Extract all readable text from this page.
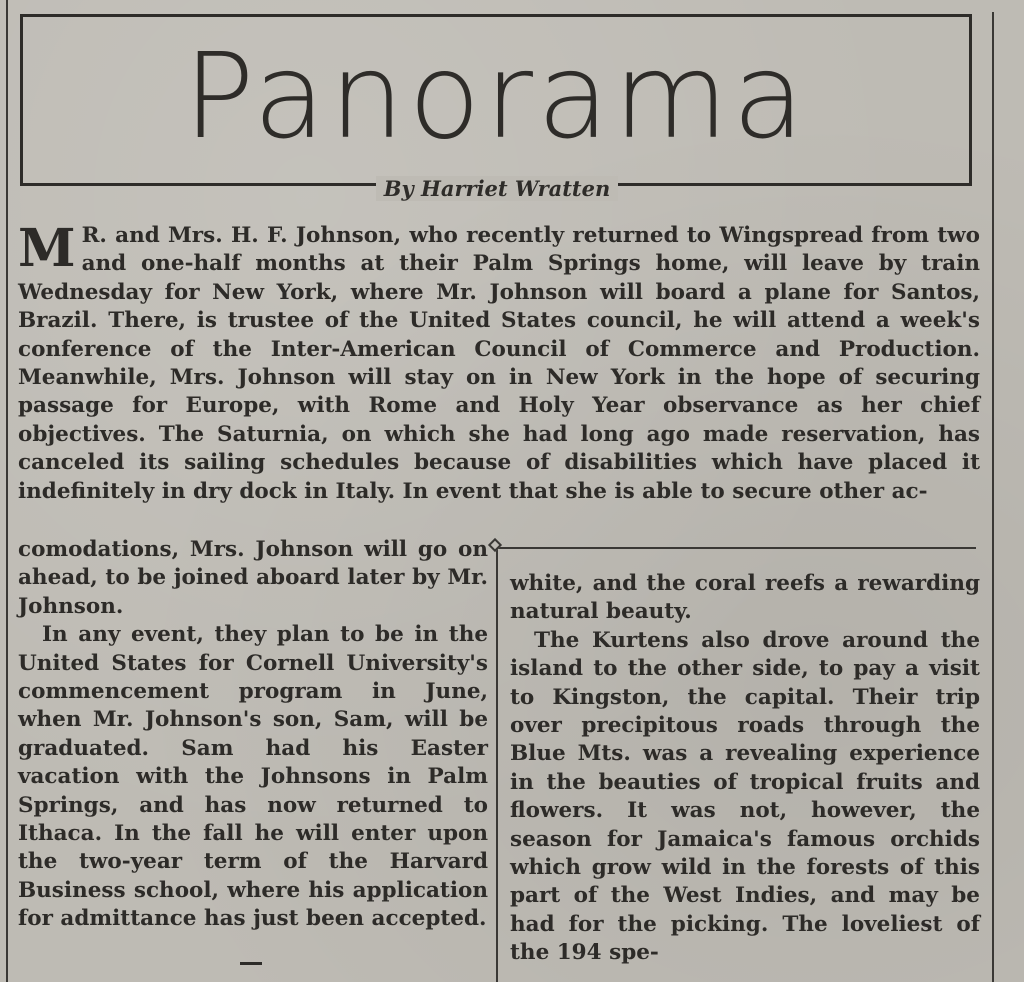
Panorama
By Harriet Wratten
M R. and Mrs. H. F. Johnson, who recently returned to Wingspread from two and one-half months at their Palm Springs home, will leave by train Wednesday for New York, where Mr. Johnson will board a plane for Santos, Brazil. There, is trustee of the United States council, he will attend a week's conference of the Inter-American Council of Commerce and Production. Meanwhile, Mrs. Johnson will stay on in New York in the hope of securing passage for Europe, with Rome and Holy Year observance as her chief objectives. The Saturnia, on which she had long ago made reservation, has canceled its sailing schedules because of disabilities which have placed it indefinitely in dry dock in Italy. In event that she is able to secure other ac-

comodations, Mrs. Johnson will go on ahead, to be joined aboard later by Mr. Johnson.

In any event, they plan to be in the United States for Cornell University's commencement program in June, when Mr. Johnson's son, Sam, will be graduated. Sam had his Easter vacation with the Johnsons in Palm Springs, and has now returned to Ithaca. In the fall he will enter upon the two-year term of the Harvard Business school, where his application for admittance has just been accepted.

white, and the coral reefs a rewarding natural beauty.

The Kurtens also drove around the island to the other side, to pay a visit to Kingston, the capital. Their trip over precipitous roads through the Blue Mts. was a revealing experience in the beauties of tropical fruits and flowers. It was not, however, the season for Jamaica's famous orchids which grow wild in the forests of this part of the West Indies, and may be had for the picking. The loveliest of the 194 spe-
